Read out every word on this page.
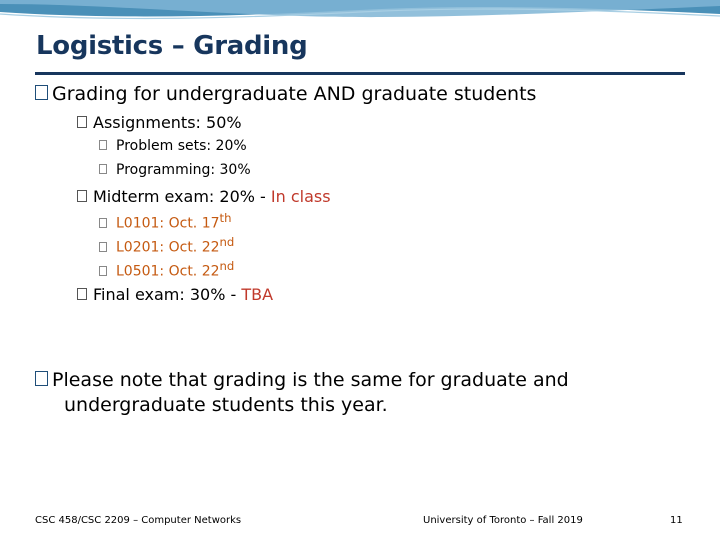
Logistics – Grading
Grading for undergraduate AND graduate students
Assignments: 50%
Problem sets: 20%
Programming: 30%
Midterm exam: 20% - In class
L0101: Oct. 17th
L0201: Oct. 22nd
L0501: Oct. 22nd
Final exam: 30% - TBA
Please note that grading is the same for graduate and
undergraduate students this year.
CSC 458/CSC 2209 – Computer Networks	University of Toronto – Fall 2019	11
